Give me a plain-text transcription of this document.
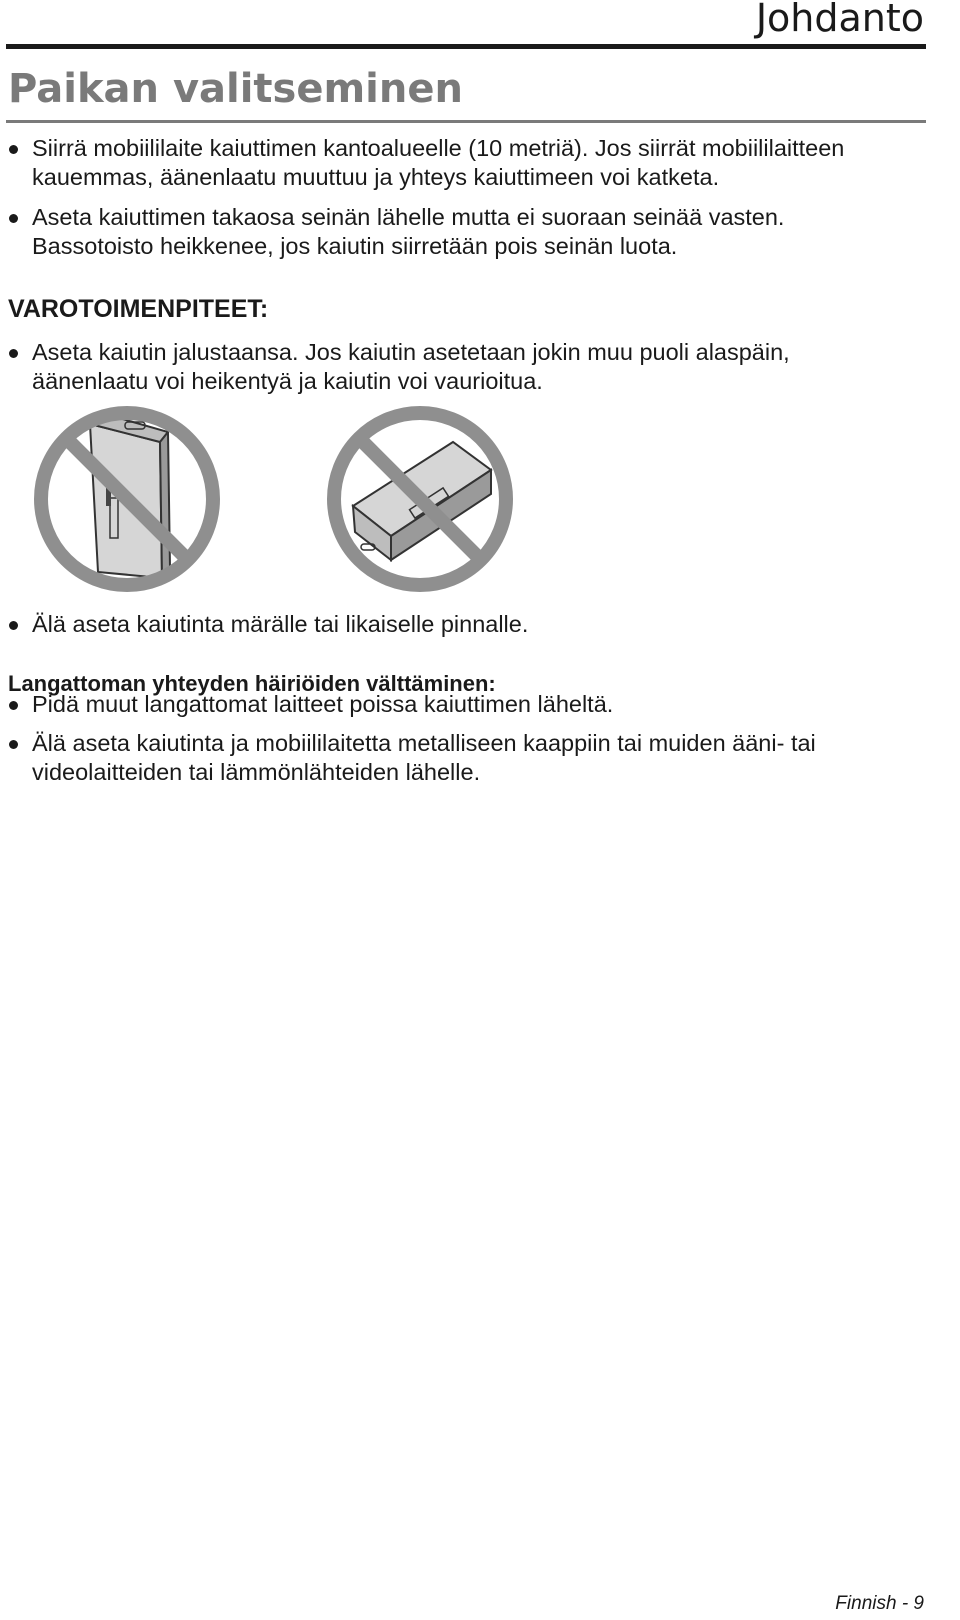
Johdanto
Paikan valitseminen
Siirrä mobiililaite kaiuttimen kantoalueelle (10 metriä). Jos siirrät mobiililaitteen kauemmas, äänenlaatu muuttuu ja yhteys kaiuttimeen voi katketa.
Aseta kaiuttimen takaosa seinän lähelle mutta ei suoraan seinää vasten. Bassotoisto heikkenee, jos kaiutin siirretään pois seinän luota.
VAROTOIMENPITEET:
Aseta kaiutin jalustaansa. Jos kaiutin asetetaan jokin muu puoli alaspäin, äänenlaatu voi heikentyä ja kaiutin voi vaurioitua.
Älä aseta kaiutinta märälle tai likaiselle pinnalle.
Langattoman yhteyden häiriöiden välttäminen:
Pidä muut langattomat laitteet poissa kaiuttimen läheltä.
Älä aseta kaiutinta ja mobiililaitetta metalliseen kaappiin tai muiden ääni- tai videolaitteiden tai lämmönlähteiden lähelle.
Finnish - 9
